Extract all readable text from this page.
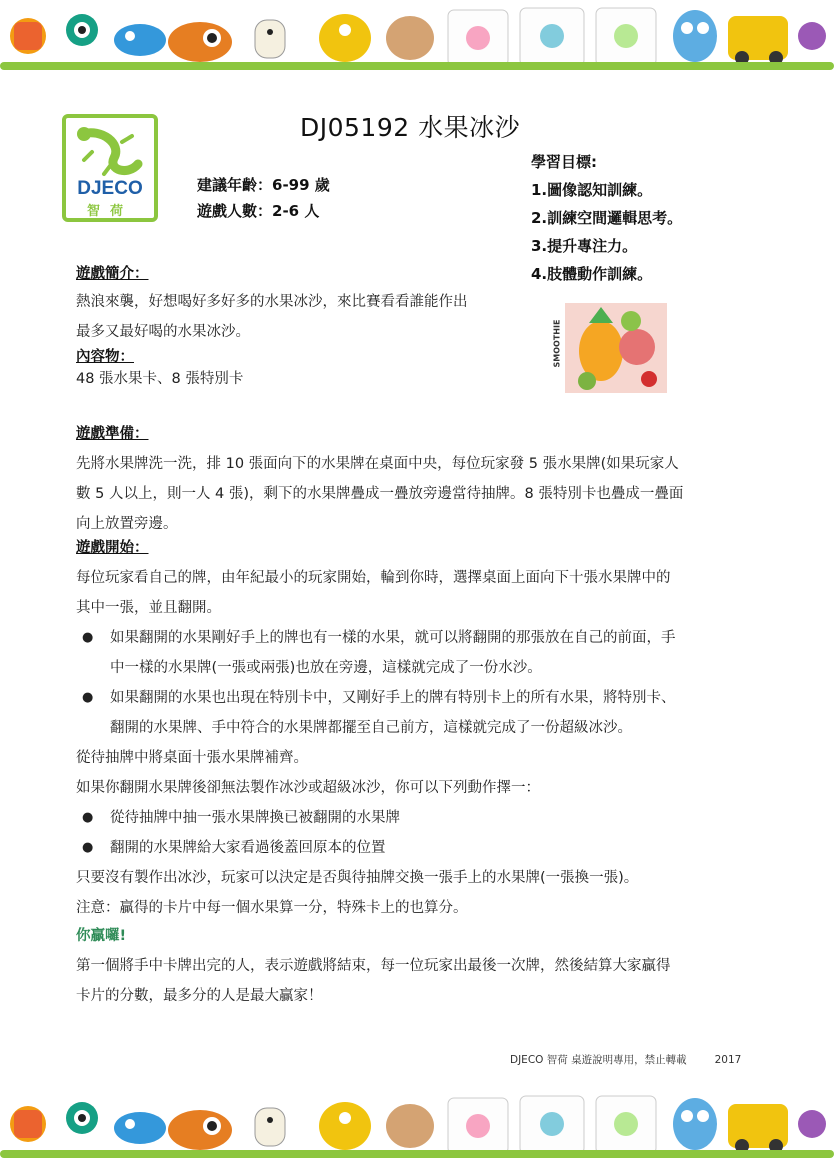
DJECO
智荷
DJ05192 水果冰沙
建議年齡：6-99 歲
遊戲人數：2-6 人
學習目標:
1.圖像認知訓練。
2.訓練空間邏輯思考。
3.提升專注力。
4.肢體動作訓練。
SMOOTHIE
遊戲簡介：
熱浪來襲，好想喝好多好多的水果冰沙，來比賽看看誰能作出
最多又最好喝的水果冰沙。
內容物：
48 張水果卡、8 張特別卡
遊戲準備：
先將水果牌洗一洗，排 10 張面向下的水果牌在桌面中央，每位玩家發 5 張水果牌(如果玩家人
數 5 人以上，則一人 4 張)，剩下的水果牌疊成一疊放旁邊當待抽牌。8 張特別卡也疊成一疊面
向上放置旁邊。
遊戲開始：
每位玩家看自己的牌，由年紀最小的玩家開始，輪到你時，選擇桌面上面向下十張水果牌中的
其中一張，並且翻開。
● 如果翻開的水果剛好手上的牌也有一樣的水果，就可以將翻開的那張放在自己的前面，手
中一樣的水果牌(一張或兩張)也放在旁邊，這樣就完成了一份水沙。
● 如果翻開的水果也出現在特別卡中，又剛好手上的牌有特別卡上的所有水果，將特別卡、
翻開的水果牌、手中符合的水果牌都擺至自己前方，這樣就完成了一份超級冰沙。
從待抽牌中將桌面十張水果牌補齊。
如果你翻開水果牌後卻無法製作冰沙或超級冰沙，你可以下列動作擇一：
● 從待抽牌中抽一張水果牌換已被翻開的水果牌
● 翻開的水果牌給大家看過後蓋回原本的位置
只要沒有製作出冰沙，玩家可以決定是否與待抽牌交換一張手上的水果牌(一張換一張)。
注意：贏得的卡片中每一個水果算一分，特殊卡上的也算分。
你贏囉!
第一個將手中卡牌出完的人，表示遊戲將結束，每一位玩家出最後一次牌，然後結算大家贏得
卡片的分數，最多分的人是最大贏家！
DJECO 智荷 桌遊說明專用，禁止轉載	2017
